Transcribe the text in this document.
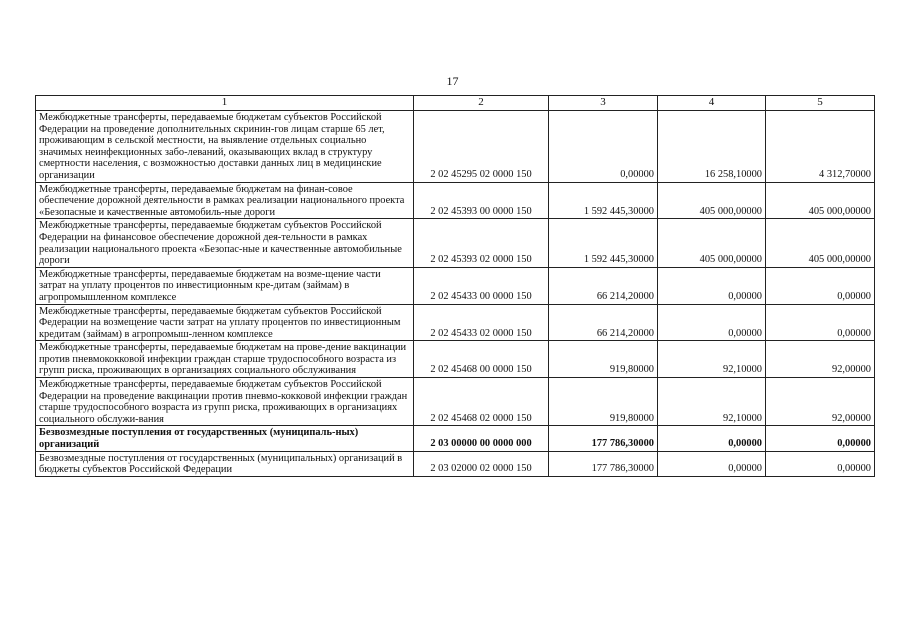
17
1	2	3	4	5
Межбюджетные трансферты, передаваемые бюджетам субъектов Российской Федерации на проведение дополнительных скринин-гов лицам старше 65 лет, проживающим в сельской местности, на выявление отдельных социально значимых неинфекционных забо-леваний, оказывающих вклад в структуру смертности населения, с возможностью доставки данных лиц в медицинские организации	2 02 45295 02 0000 150	0,00000	16 258,10000	4 312,70000
Межбюджетные трансферты, передаваемые бюджетам на финан-совое обеспечение дорожной деятельности в рамках реализации национального проекта «Безопасные и качественные автомобиль-ные дороги	2 02 45393 00 0000 150	1 592 445,30000	405 000,00000	405 000,00000
Межбюджетные трансферты, передаваемые бюджетам субъектов Российской Федерации на финансовое обеспечение дорожной дея-тельности в рамках реализации национального проекта «Безопас-ные и качественные автомобильные дороги	2 02 45393 02 0000 150	1 592 445,30000	405 000,00000	405 000,00000
Межбюджетные трансферты, передаваемые бюджетам на возме-щение части затрат на уплату процентов по инвестиционным кре-дитам (займам) в агропромышленном комплексе	2 02 45433 00 0000 150	66 214,20000	0,00000	0,00000
Межбюджетные трансферты, передаваемые бюджетам субъектов Российской Федерации на возмещение части затрат на уплату процентов по инвестиционным кредитам (займам) в агропромыш-ленном комплексе	2 02 45433 02 0000 150	66 214,20000	0,00000	0,00000
Межбюджетные трансферты, передаваемые бюджетам на прове-дение вакцинации против пневмококковой инфекции граждан старше трудоспособного возраста из групп риска, проживающих в организациях социального обслуживания	2 02 45468 00 0000 150	919,80000	92,10000	92,00000
Межбюджетные трансферты, передаваемые бюджетам субъектов Российской Федерации на проведение вакцинации против пневмо-кокковой инфекции граждан старше трудоспособного возраста из групп риска, проживающих в организациях социального обслужи-вания	2 02 45468 02 0000 150	919,80000	92,10000	92,00000
Безвозмездные поступления от государственных (муниципаль-ных) организаций	2 03 00000 00 0000 000	177 786,30000	0,00000	0,00000
Безвозмездные поступления от государственных (муниципальных) организаций в бюджеты субъектов Российской Федерации	2 03 02000 02 0000 150	177 786,30000	0,00000	0,00000
